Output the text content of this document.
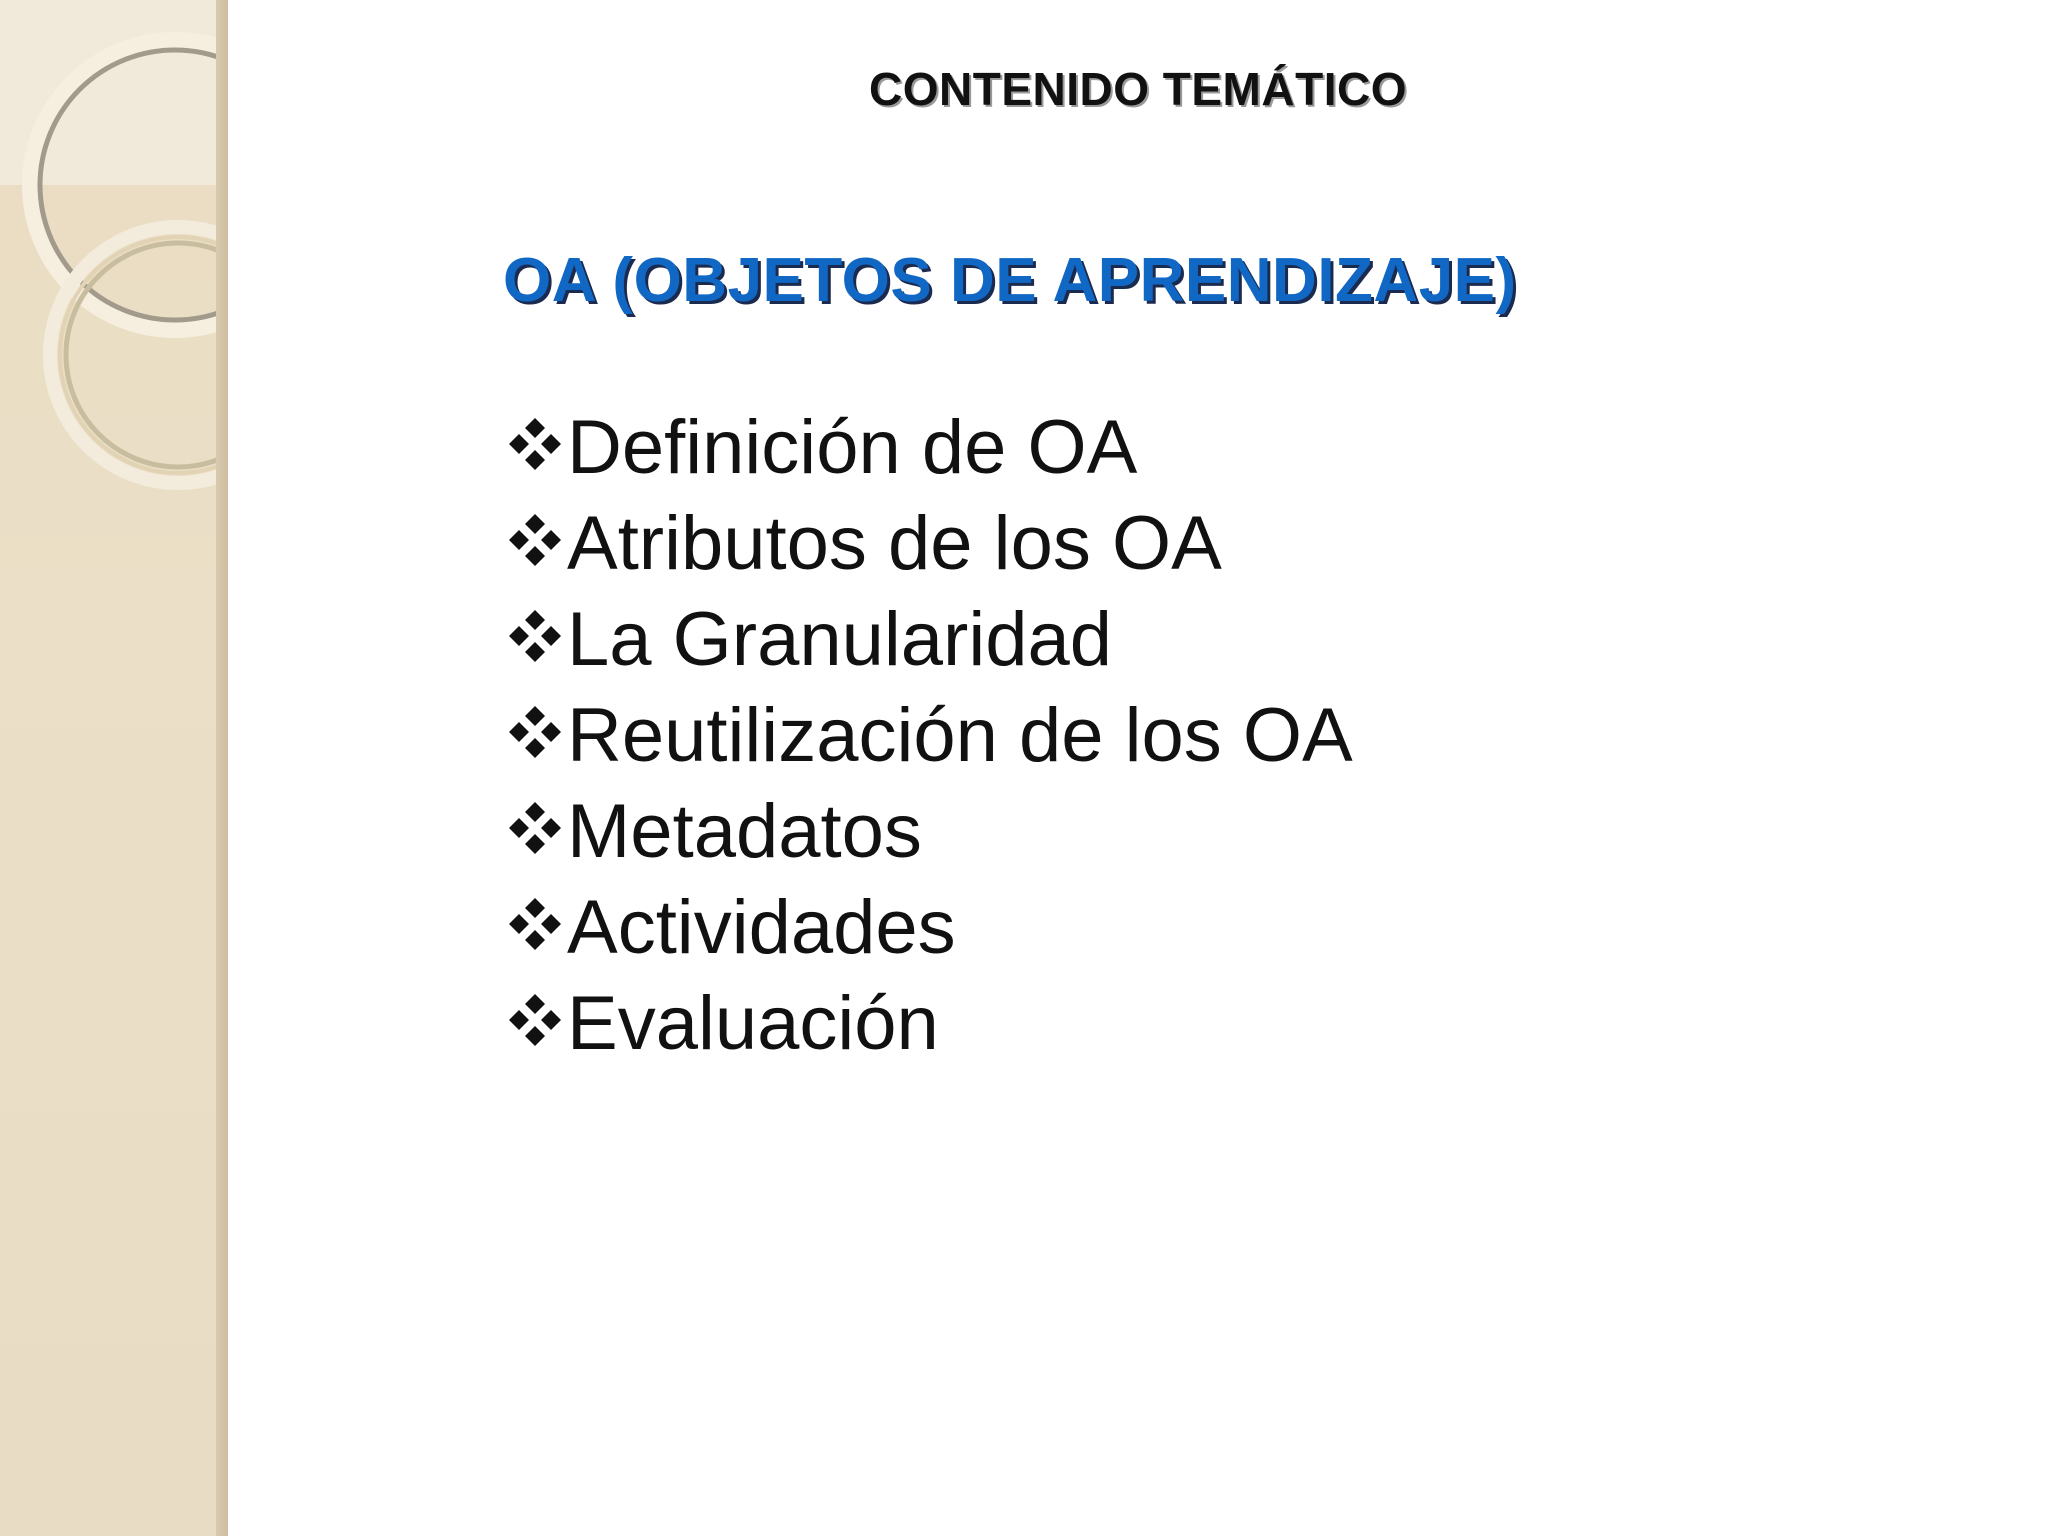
CONTENIDO TEMÁTICO
OA (OBJETOS DE APRENDIZAJE)
Definición de OA
Atributos de los OA
La Granularidad
Reutilización de los OA
Metadatos
Actividades
Evaluación
